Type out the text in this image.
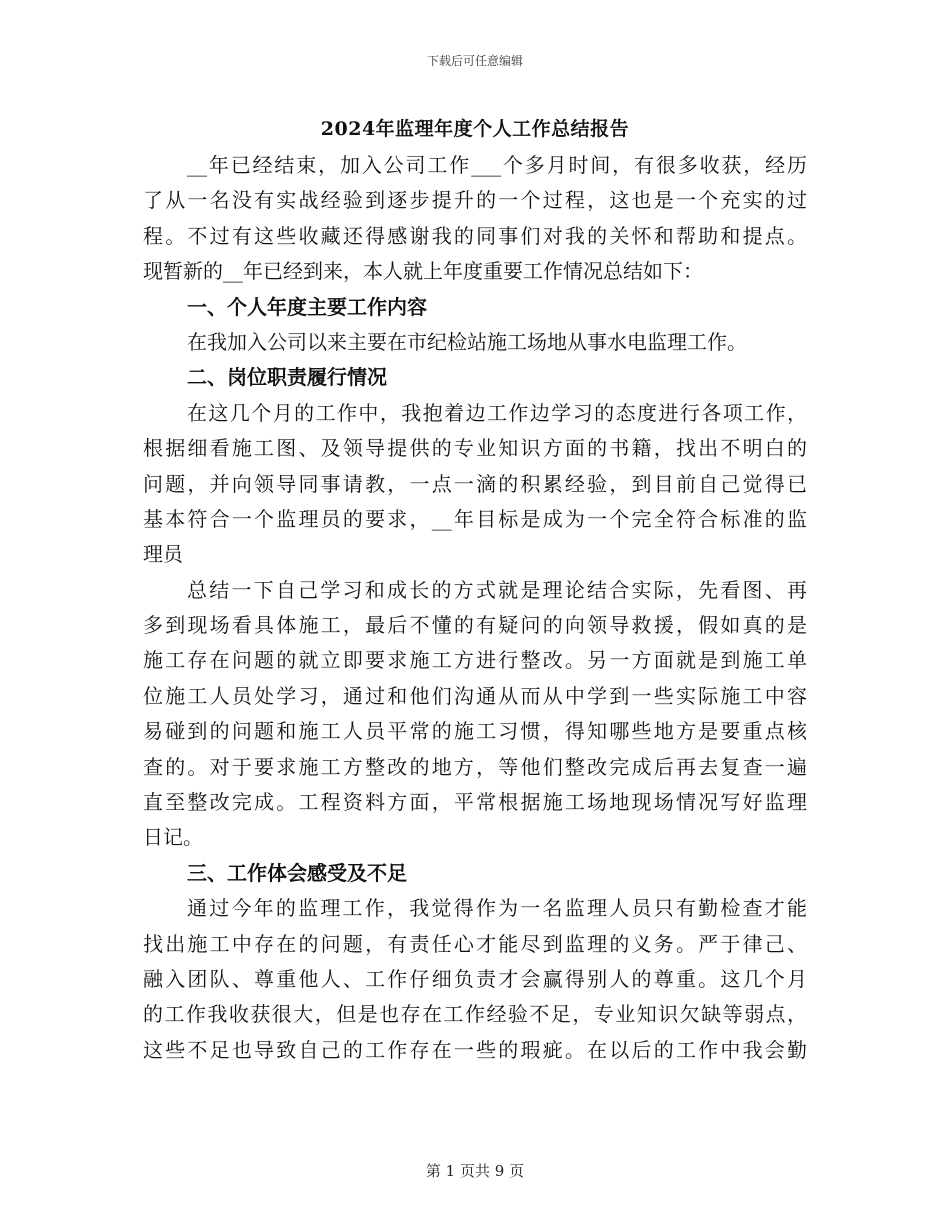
下载后可任意编辑
2024年监理年度个人工作总结报告
__年已经结束，加入公司工作___个多月时间，有很多收获，经历
了从一名没有实战经验到逐步提升的一个过程，这也是一个充实的过
程。不过有这些收藏还得感谢我的同事们对我的关怀和帮助和提点。
现暂新的__年已经到来，本人就上年度重要工作情况总结如下：
一、个人年度主要工作内容
在我加入公司以来主要在市纪检站施工场地从事水电监理工作。
二、岗位职责履行情况
在这几个月的工作中，我抱着边工作边学习的态度进行各项工作，
根据细看施工图、及领导提供的专业知识方面的书籍，找出不明白的
问题，并向领导同事请教，一点一滴的积累经验，到目前自己觉得已
基本符合一个监理员的要求，__年目标是成为一个完全符合标准的监
理员
总结一下自己学习和成长的方式就是理论结合实际，先看图、再
多到现场看具体施工，最后不懂的有疑问的向领导救援，假如真的是
施工存在问题的就立即要求施工方进行整改。另一方面就是到施工单
位施工人员处学习，通过和他们沟通从而从中学到一些实际施工中容
易碰到的问题和施工人员平常的施工习惯，得知哪些地方是要重点核
查的。对于要求施工方整改的地方，等他们整改完成后再去复查一遍
直至整改完成。工程资料方面，平常根据施工场地现场情况写好监理
日记。
三、工作体会感受及不足
通过今年的监理工作，我觉得作为一名监理人员只有勤检查才能
找出施工中存在的问题，有责任心才能尽到监理的义务。严于律己、
融入团队、尊重他人、工作仔细负责才会赢得别人的尊重。这几个月
的工作我收获很大，但是也存在工作经验不足，专业知识欠缺等弱点，
这些不足也导致自己的工作存在一些的瑕疵。在以后的工作中我会勤
第 1 页共 9 页
